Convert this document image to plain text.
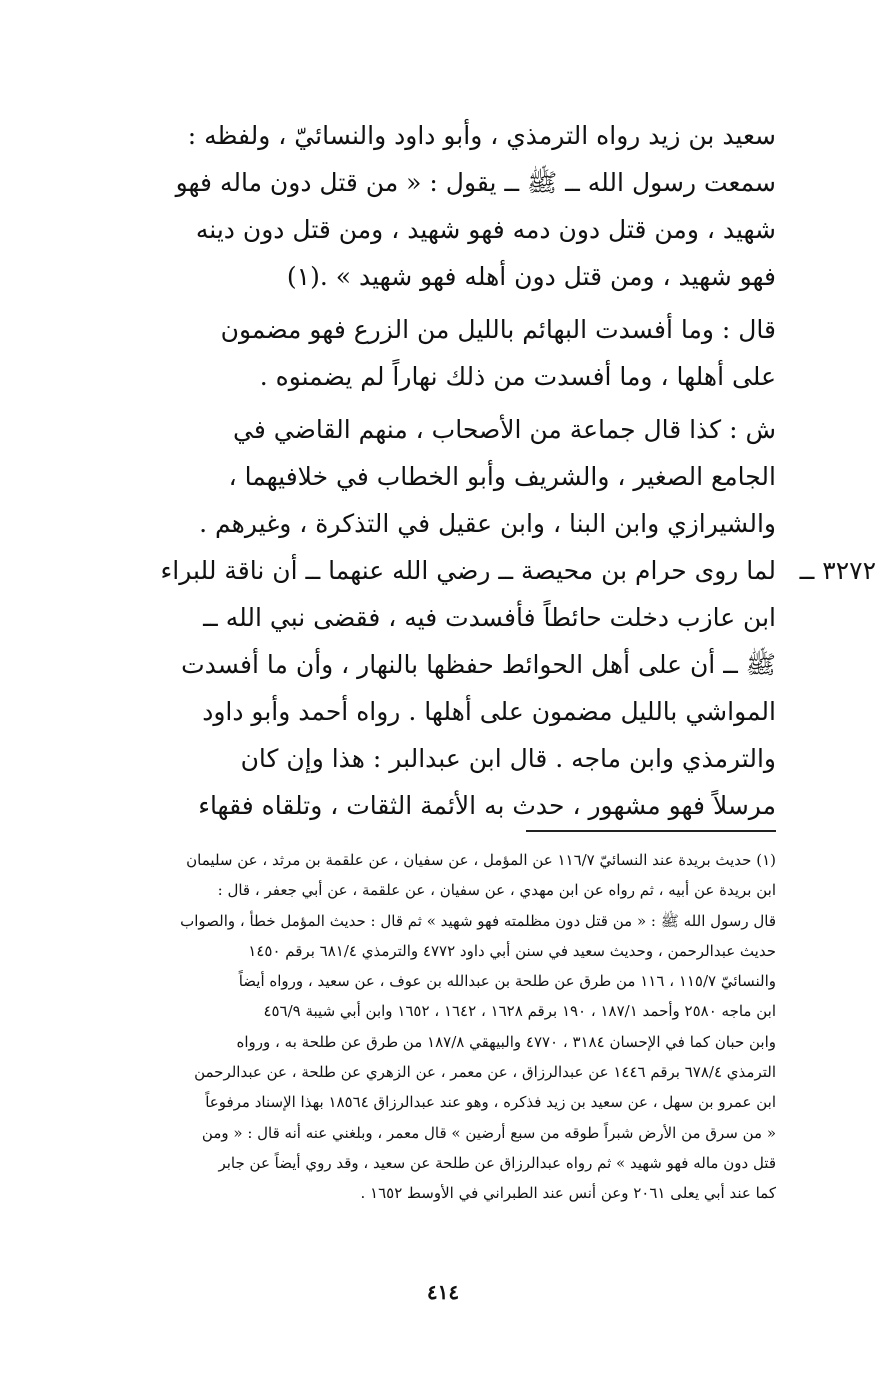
سعيد بن زيد رواه الترمذي ، وأبو داود والنسائيّ ، ولفظه :
سمعت رسول الله ــ ﷺ ــ يقول : « من قتل دون ماله فهو
شهيد ، ومن قتل دون دمه فهو شهيد ، ومن قتل دون دينه
فهو شهيد ، ومن قتل دون أهله فهو شهيد » .(١)
قال : وما أفسدت البهائم بالليل من الزرع فهو مضمون
على أهلها ، وما أفسدت من ذلك نهاراً لم يضمنوه .
ش : كذا قال جماعة من الأصحاب ، منهم القاضي في
الجامع الصغير ، والشريف وأبو الخطاب في خلافيهما ،
والشيرازي وابن البنا ، وابن عقيل في التذكرة ، وغيرهم .
٣٢٧٢ ــ
لما روى حرام بن محيصة ــ رضي الله عنهما ــ أن ناقة للبراء
ابن عازب دخلت حائطاً فأفسدت فيه ، فقضى نبي الله ــ
ﷺ ــ أن على أهل الحوائط حفظها بالنهار ، وأن ما أفسدت
المواشي بالليل مضمون على أهلها . رواه أحمد وأبو داود
والترمذي وابن ماجه . قال ابن عبدالبر : هذا وإن كان
مرسلاً فهو مشهور ، حدث به الأئمة الثقات ، وتلقاه فقهاء
(١) حديث بريدة عند النسائيّ ١١٦/٧ عن المؤمل ، عن سفيان ، عن علقمة بن مرثد ، عن سليمان
ابن بريدة عن أبيه ، ثم رواه عن ابن مهدي ، عن سفيان ، عن علقمة ، عن أبي جعفر ، قال :
قال رسول الله ﷺ : « من قتل دون مظلمته فهو شهيد » ثم قال : حديث المؤمل خطأ ، والصواب
حديث عبدالرحمن ، وحديث سعيد في سنن أبي داود ٤٧٧٢ والترمذي ٦٨١/٤ برقم ١٤٥٠
والنسائيّ ١١٥/٧ ، ١١٦ من طرق عن طلحة بن عبدالله بن عوف ، عن سعيد ، ورواه أيضاً
ابن ماجه ٢٥٨٠ وأحمد ١٨٧/١ ، ١٩٠ برقم ١٦٢٨ ، ١٦٤٢ ، ١٦٥٢ وابن أبي شيبة ٤٥٦/٩
وابن حبان كما في الإحسان ٣١٨٤ ، ٤٧٧٠ والبيهقي ١٨٧/٨ من طرق عن طلحة به ، ورواه
الترمذي ٦٧٨/٤ برقم ١٤٤٦ عن عبدالرزاق ، عن معمر ، عن الزهري عن طلحة ، عن عبدالرحمن
ابن عمرو بن سهل ، عن سعيد بن زيد فذكره ، وهو عند عبدالرزاق ١٨٥٦٤ بهذا الإسناد مرفوعاً
« من سرق من الأرض شبراً طوقه من سبع أرضين » قال معمر ، وبلغني عنه أنه قال : « ومن
قتل دون ماله فهو شهيد » ثم رواه عبدالرزاق عن طلحة عن سعيد ، وقد روي أيضاً عن جابر
كما عند أبي يعلى ٢٠٦١ وعن أنس عند الطبراني في الأوسط ١٦٥٢ .
٤١٤
